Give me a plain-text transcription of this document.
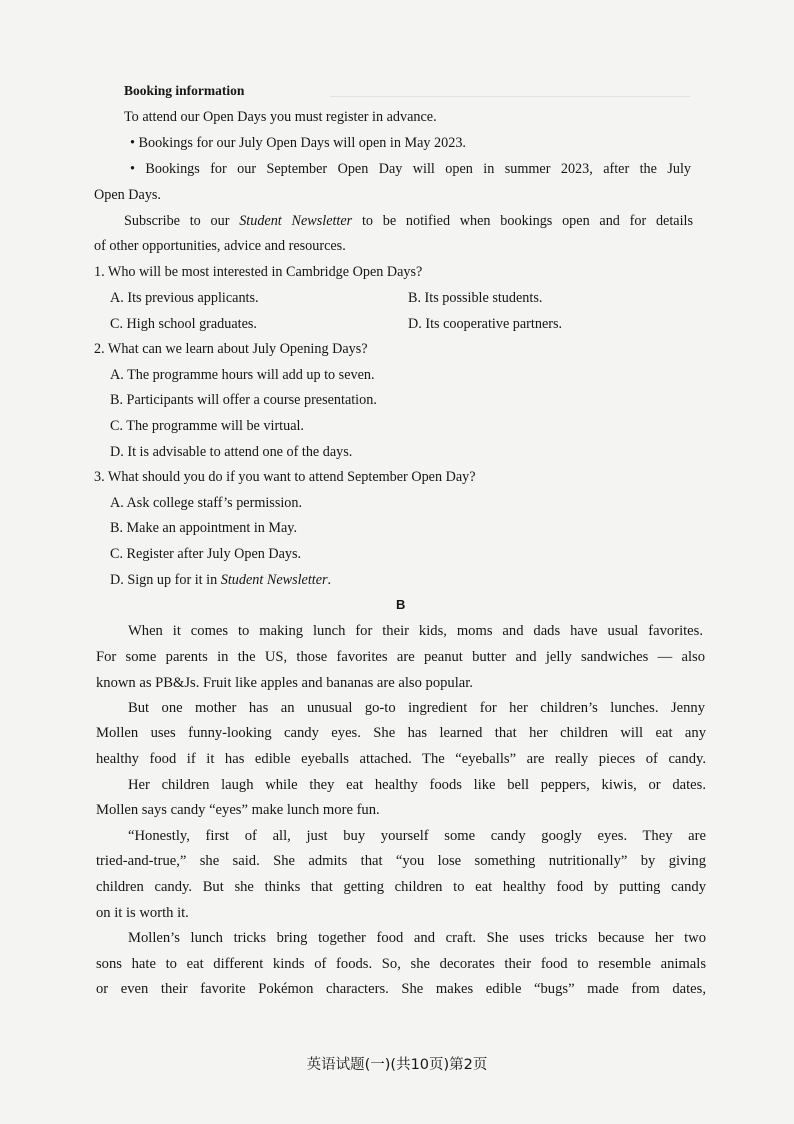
Booking information
To attend our Open Days you must register in advance.
• Bookings for our July Open Days will open in May 2023.
• Bookings for our September Open Day will open in summer 2023, after the July
Open Days.
Subscribe to our Student Newsletter to be notified when bookings open and for details
of other opportunities, advice and resources.
1. Who will be most interested in Cambridge Open Days?
A. Its previous applicants.	B. Its possible students.
C. High school graduates.	D. Its cooperative partners.
2. What can we learn about July Opening Days?
A. The programme hours will add up to seven.
B. Participants will offer a course presentation.
C. The programme will be virtual.
D. It is advisable to attend one of the days.
3. What should you do if you want to attend September Open Day?
A. Ask college staff’s permission.
B. Make an appointment in May.
C. Register after July Open Days.
D. Sign up for it in Student Newsletter.
B
When it comes to making lunch for their kids, moms and dads have usual favorites.
For some parents in the US, those favorites are peanut butter and jelly sandwiches — also
known as PB&Js. Fruit like apples and bananas are also popular.
But one mother has an unusual go-to ingredient for her children’s lunches. Jenny
Mollen uses funny-looking candy eyes. She has learned that her children will eat any
healthy food if it has edible eyeballs attached. The “eyeballs” are really pieces of candy.
Her children laugh while they eat healthy foods like bell peppers, kiwis, or dates.
Mollen says candy “eyes” make lunch more fun.
“Honestly, first of all, just buy yourself some candy googly eyes. They are
tried-and-true,” she said. She admits that “you lose something nutritionally” by giving
children candy. But she thinks that getting children to eat healthy food by putting candy
on it is worth it.
Mollen’s lunch tricks bring together food and craft. She uses tricks because her two
sons hate to eat different kinds of foods. So, she decorates their food to resemble animals
or even their favorite Pokémon characters. She makes edible “bugs” made from dates,
英语试题(一)(共10页)第2页
